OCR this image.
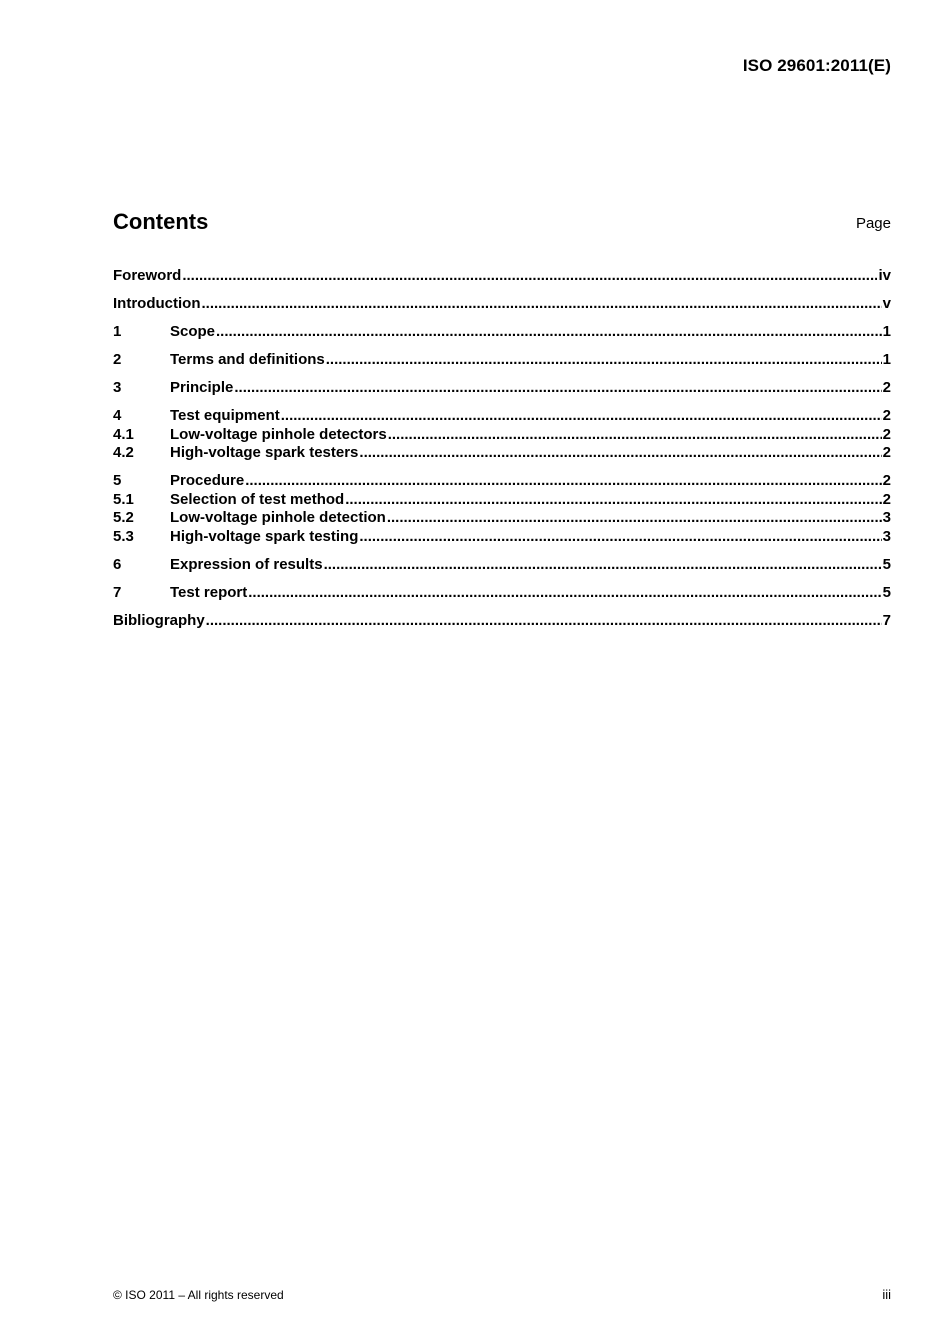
ISO 29601:2011(E)
Contents	Page
Foreword .....	iv
Introduction .....	v
1	Scope .....	1
2	Terms and definitions .....	1
3	Principle .....	2
4	Test equipment .....	2
4.1	Low-voltage pinhole detectors .....	2
4.2	High-voltage spark testers .....	2
5	Procedure .....	2
5.1	Selection of test method .....	2
5.2	Low-voltage pinhole detection .....	3
5.3	High-voltage spark testing .....	3
6	Expression of results .....	5
7	Test report .....	5
Bibliography .....	7
© ISO 2011 – All rights reserved	iii
